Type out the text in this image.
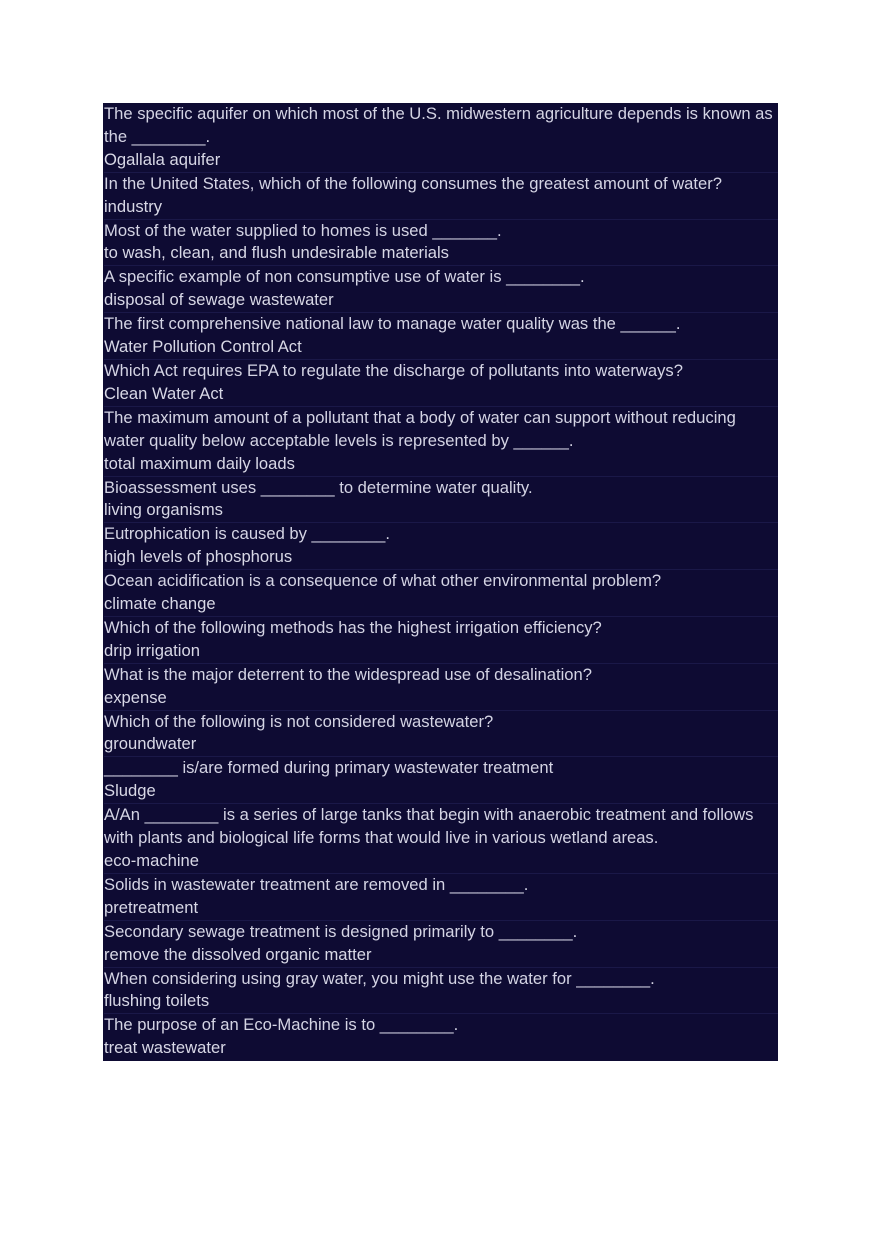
The specific aquifer on which most of the U.S. midwestern agriculture depends is known as the ________.
Ogallala aquifer
In the United States, which of the following consumes the greatest amount of water?
industry
Most of the water supplied to homes is used _______.
to wash, clean, and flush undesirable materials
A specific example of non consumptive use of water is ________.
disposal of sewage wastewater
The first comprehensive national law to manage water quality was the ______.
Water Pollution Control Act
Which Act requires EPA to regulate the discharge of pollutants into waterways?
Clean Water Act
The maximum amount of a pollutant that a body of water can support without reducing water quality below acceptable levels is represented by ______.
total maximum daily loads
Bioassessment uses ________ to determine water quality.
living organisms
Eutrophication is caused by ________.
high levels of phosphorus
Ocean acidification is a consequence of what other environmental problem?
climate change
Which of the following methods has the highest irrigation efficiency?
drip irrigation
What is the major deterrent to the widespread use of desalination?
expense
Which of the following is not considered wastewater?
groundwater
________ is/are formed during primary wastewater treatment
Sludge
A/An ________ is a series of large tanks that begin with anaerobic treatment and follows with plants and biological life forms that would live in various wetland areas.
eco-machine
Solids in wastewater treatment are removed in ________.
pretreatment
Secondary sewage treatment is designed primarily to ________.
remove the dissolved organic matter
When considering using gray water, you might use the water for ________.
flushing toilets
The purpose of an Eco-Machine is to ________.
treat wastewater
